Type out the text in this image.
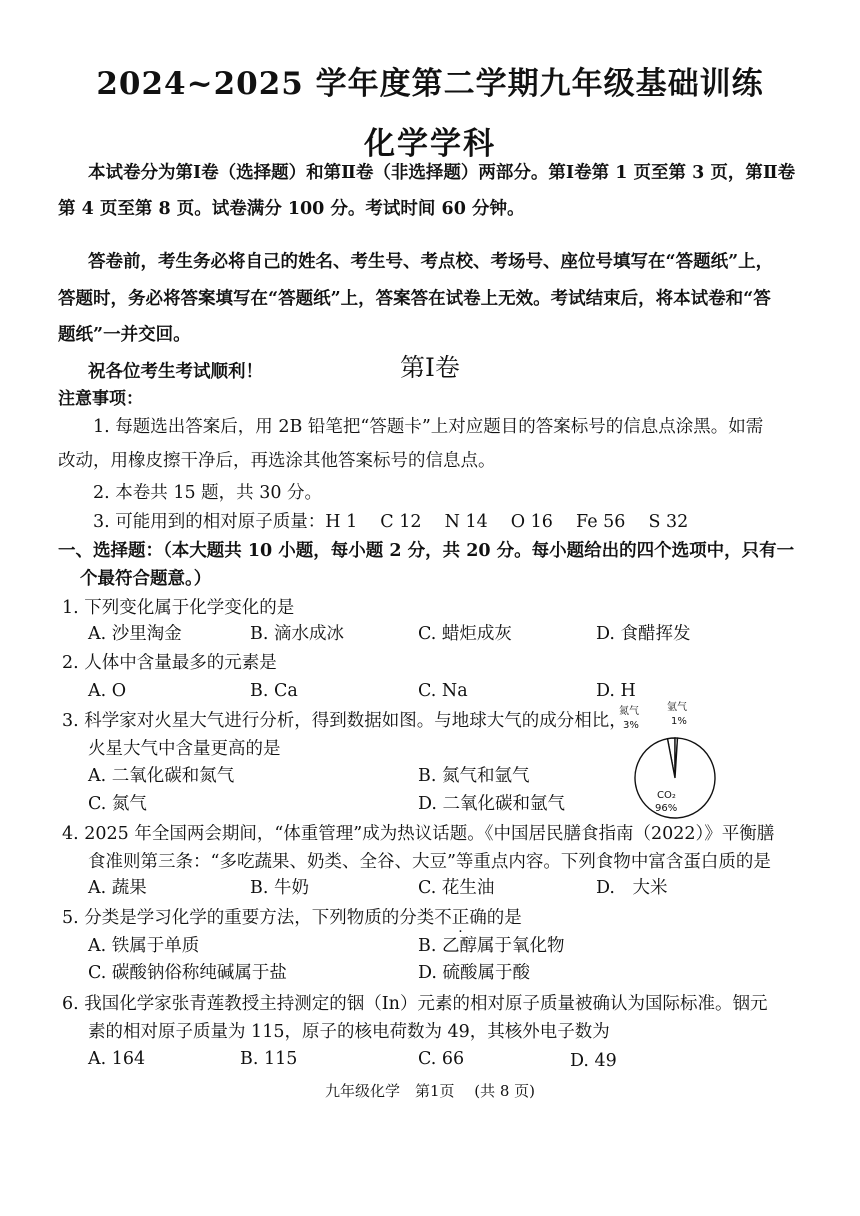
2024~2025 学年度第二学期九年级基础训练
化学学科
本试卷分为第Ⅰ卷（选择题）和第Ⅱ卷（非选择题）两部分。第Ⅰ卷第 1 页至第 3 页，第Ⅱ卷
第 4 页至第 8 页。试卷满分 100 分。考试时间 60 分钟。
答卷前，考生务必将自己的姓名、考生号、考点校、考场号、座位号填写在“答题纸”上，
答题时，务必将答案填写在“答题纸”上，答案答在试卷上无效。考试结束后，将本试卷和“答
题纸”一并交回。
祝各位考生考试顺利！	第Ⅰ卷
注意事项：
1. 每题选出答案后，用 2B 铅笔把“答题卡”上对应题目的答案标号的信息点涂黑。如需
改动，用橡皮擦干净后，再选涂其他答案标号的信息点。
2. 本卷共 15 题，共 30 分。
3. 可能用到的相对原子质量：H 1　 C 12　 N 14　 O 16　 Fe 56　 S 32
一、选择题：（本大题共 10 小题，每小题 2 分，共 20 分。每小题给出的四个选项中，只有一
个最符合题意。）
1. 下列变化属于化学变化的是
A. 沙里淘金	B. 滴水成冰	C. 蜡炬成灰	D. 食醋挥发
2. 人体中含量最多的元素是
A. O	B. Ca	C. Na	D. H
3. 科学家对火星大气进行分析，得到数据如图。与地球大气的成分相比，
火星大气中含量更高的是
A. 二氧化碳和氮气	B. 氮气和氩气
C. 氮气	D. 二氧化碳和氩气
氮气
3%
氩气
1%
CO₂
96%
4. 2025 年全国两会期间，“体重管理”成为热议话题。《中国居民膳食指南（2022）》平衡膳
食准则第三条：“多吃蔬果、奶类、全谷、大豆”等重点内容。下列食物中富含蛋白质的是
A. 蔬果	B. 牛奶	C. 花生油	D.　大米
5. 分类是学习化学的重要方法，下列物质的分类不正确的是
A. 铁属于单质	B. 乙醇属于氧化物
C. 碳酸钠俗称纯碱属于盐	D. 硫酸属于酸
6. 我国化学家张青莲教授主持测定的铟（In）元素的相对原子质量被确认为国际标准。铟元
素的相对原子质量为 115，原子的核电荷数为 49，其核外电子数为
A. 164	B. 115	C. 66	D. 49
九年级化学　第1页　 (共 8 页)
